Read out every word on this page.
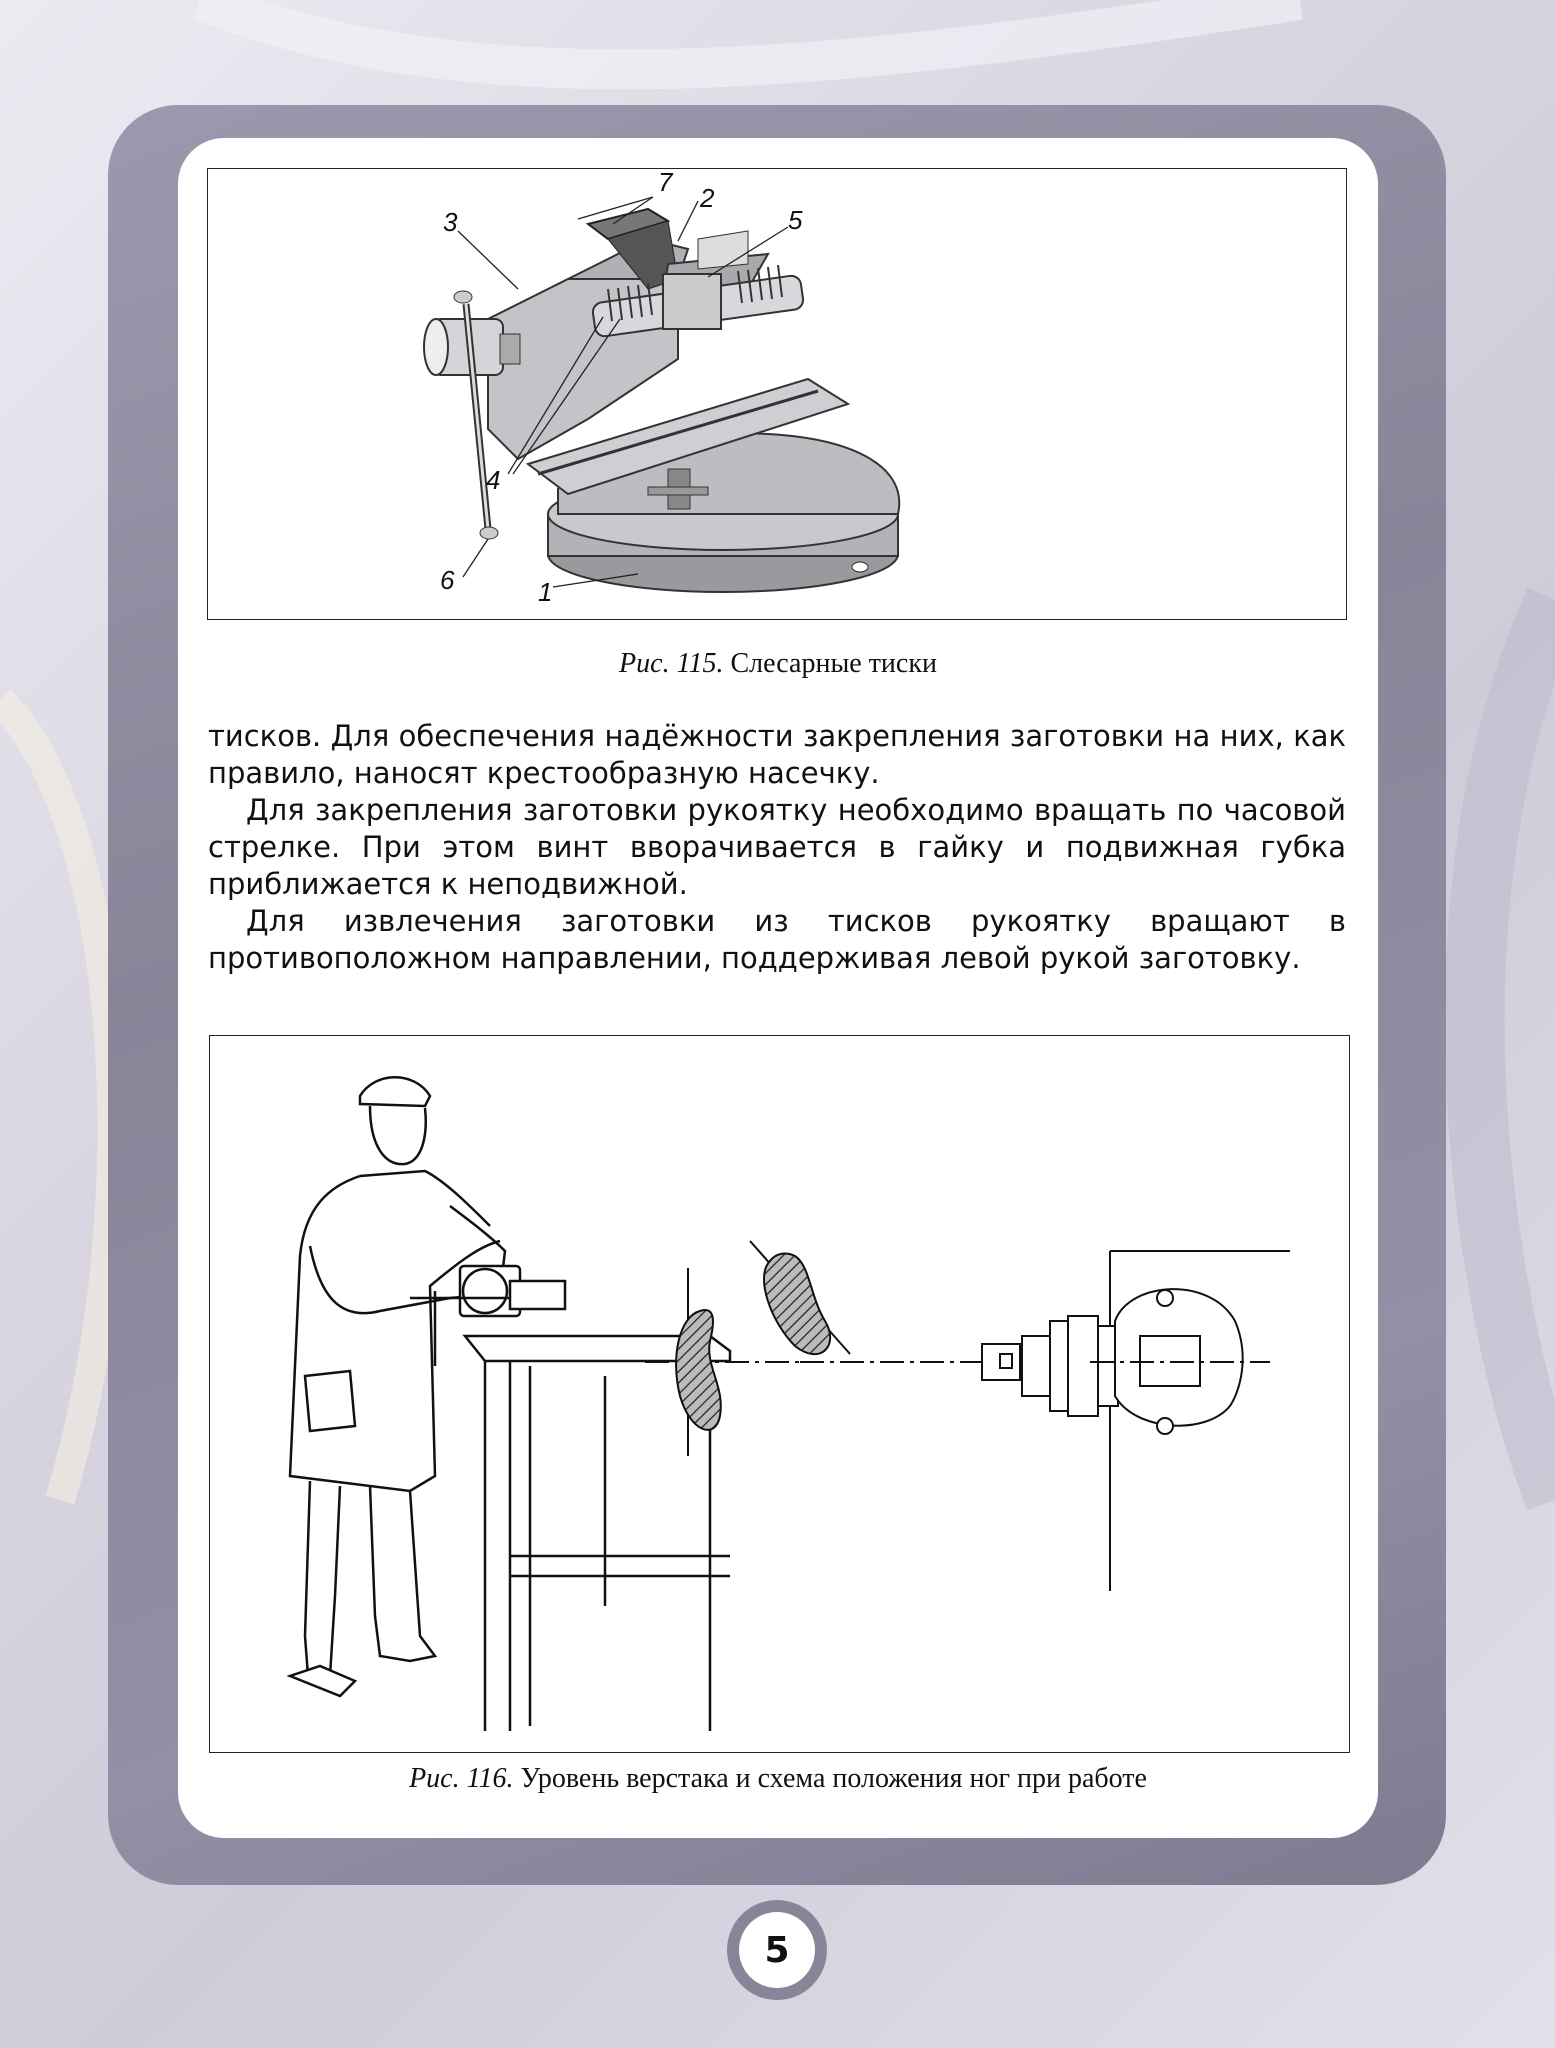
3
7
2
5
4
6	1
Рис. 115. Слесарные тиски

тисков. Для обеспечения надёжности закрепления заготовки на них, как правило, наносят крестообразную насечку.

Для закрепления заготовки рукоятку необходимо вращать по часовой стрелке. При этом винт вворачивается в гайку и подвижная губка приближается к неподвижной.

Для извлечения заготовки из тисков рукоятку вращают в противоположном направлении, поддерживая левой рукой заготовку.

Рис. 116. Уровень верстака и схема положения ног при работе
5
